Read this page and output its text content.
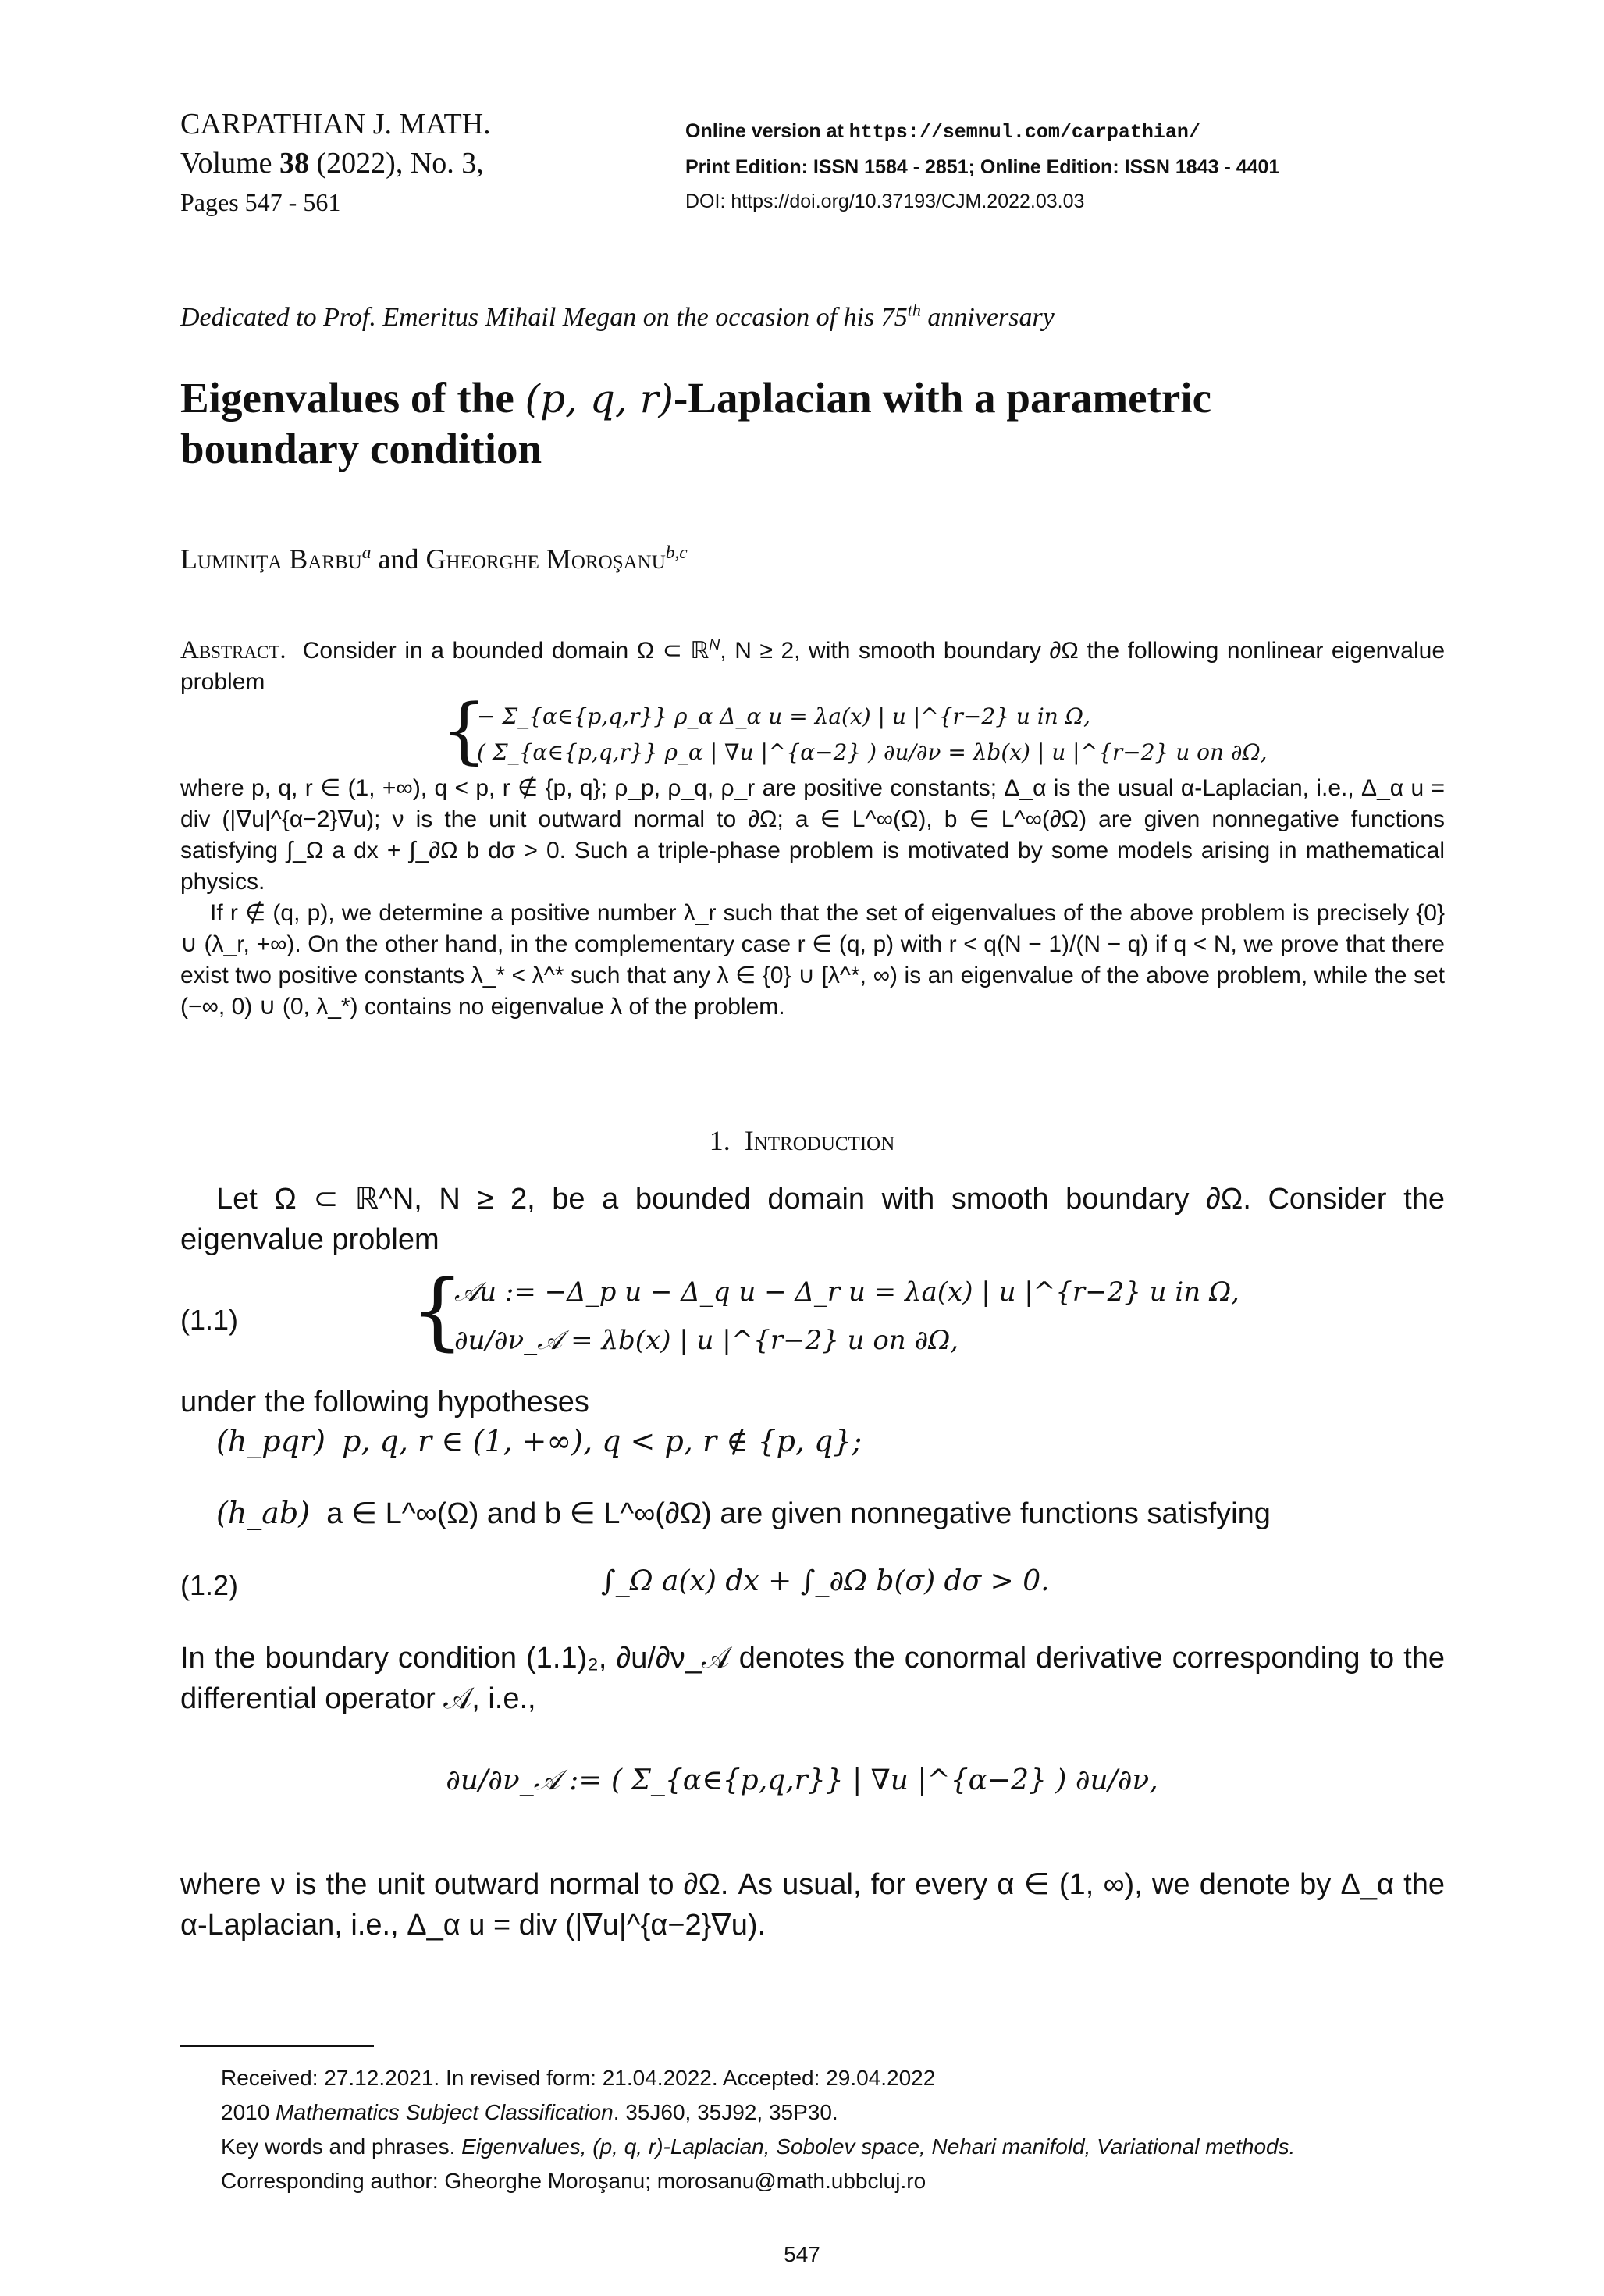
CARPATHIAN J. MATH.
Volume 38 (2022), No. 3,
Pages 547 - 561
Online version at https://semnul.com/carpathian/
Print Edition: ISSN 1584 - 2851; Online Edition: ISSN 1843 - 4401
DOI: https://doi.org/10.37193/CJM.2022.03.03
Dedicated to Prof. Emeritus Mihail Megan on the occasion of his 75th anniversary
Eigenvalues of the (p, q, r)-Laplacian with a parametric
boundary condition
Luminiţa Barbu$^a$ and Gheorghe Moroşanu$^{b,c}$

Abstract. Consider in a bounded domain Ω ⊂ ℝ$^N$, N ≥ 2, with smooth boundary ∂Ω the following nonlinear eigenvalue problem

{
− Σ_{α∈{p,q,r}} ρ_α Δ_α u = λa(x) | u |^{r−2} u in Ω,
( Σ_{α∈{p,q,r}} ρ_α | ∇u |^{α−2} ) ∂u/∂ν = λb(x) | u |^{r−2} u on ∂Ω,

where p, q, r ∈ (1, +∞), q < p, r ∉ {p, q}; ρ_p, ρ_q, ρ_r are positive constants; Δ_α is the usual α-Laplacian, i.e., Δ_α u = div (|∇u|^{α−2}∇u); ν is the unit outward normal to ∂Ω; a ∈ L^∞(Ω), b ∈ L^∞(∂Ω) are given nonnegative functions satisfying ∫_Ω a dx + ∫_∂Ω b dσ > 0. Such a triple-phase problem is motivated by some models arising in mathematical physics.

If r ∉ (q, p), we determine a positive number λ_r such that the set of eigenvalues of the above problem is precisely {0} ∪ (λ_r, +∞). On the other hand, in the complementary case r ∈ (q, p) with r < q(N − 1)/(N − q) if q < N, we prove that there exist two positive constants λ_* < λ^* such that any λ ∈ {0} ∪ [λ^*, ∞) is an eigenvalue of the above problem, while the set (−∞, 0) ∪ (0, λ_*) contains no eigenvalue λ of the problem.

1. Introduction
Let Ω ⊂ ℝ^N, N ≥ 2, be a bounded domain with smooth boundary ∂Ω. Consider the eigenvalue problem
(1.1) {
𝒜u := −Δ_p u − Δ_q u − Δ_r u = λa(x) | u |^{r−2} u in Ω,
∂u/∂ν_𝒜 = λb(x) | u |^{r−2} u on ∂Ω,
under the following hypotheses
(h_pqr) p, q, r ∈ (1, +∞), q < p, r ∉ {p, q};
(h_ab) a ∈ L^∞(Ω) and b ∈ L^∞(∂Ω) are given nonnegative functions satisfying
(1.2)	∫_Ω a(x) dx + ∫_∂Ω b(σ) dσ > 0.
In the boundary condition (1.1)₂, ∂u/∂ν_𝒜 denotes the conormal derivative corresponding to the differential operator 𝒜, i.e.,
∂u/∂ν_𝒜 := ( Σ_{α∈{p,q,r}} | ∇u |^{α−2} ) ∂u/∂ν,
where ν is the unit outward normal to ∂Ω. As usual, for every α ∈ (1, ∞), we denote by Δ_α the α-Laplacian, i.e., Δ_α u = div (|∇u|^{α−2}∇u).
Received: 27.12.2021. In revised form: 21.04.2022. Accepted: 29.04.2022
2010 Mathematics Subject Classification. 35J60, 35J92, 35P30.
Key words and phrases. Eigenvalues, (p, q, r)-Laplacian, Sobolev space, Nehari manifold, Variational methods.
Corresponding author: Gheorghe Moroşanu; morosanu@math.ubbcluj.ro
547
